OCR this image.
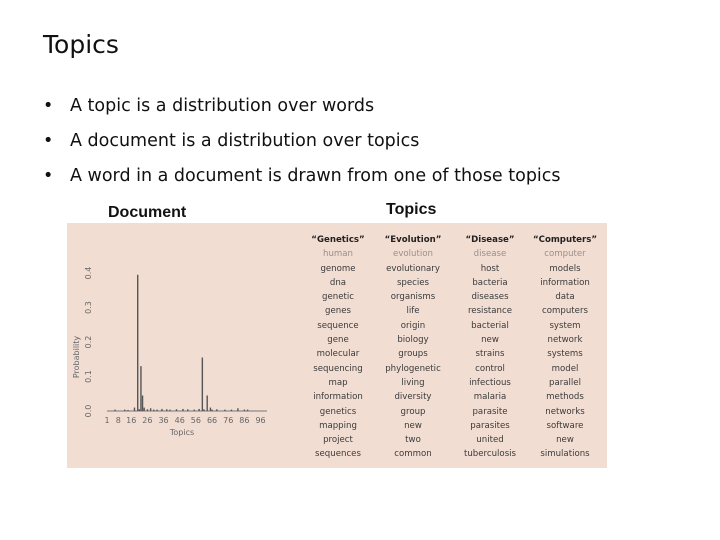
Topics
• A topic is a distribution over words
• A document is a distribution over topics
• A word in a document is drawn from one of those topics
Document	Topics
0.0
0.1
0.2
0.3
0.4
Probability
1 8 16 26 36 46 56 66 76 86 96
Topics
“Genetics”
human
genome
dna
genetic
genes
sequence
gene
molecular
sequencing
map
information
genetics
mapping
project
sequences
“Evolution”
evolution
evolutionary
species
organisms
life
origin
biology
groups
phylogenetic
living
diversity
group
new
two
common
“Disease”
disease
host
bacteria
diseases
resistance
bacterial
new
strains
control
infectious
malaria
parasite
parasites
united
tuberculosis
“Computers”
computer
models
information
data
computers
system
network
systems
model
parallel
methods
networks
software
new
simulations
